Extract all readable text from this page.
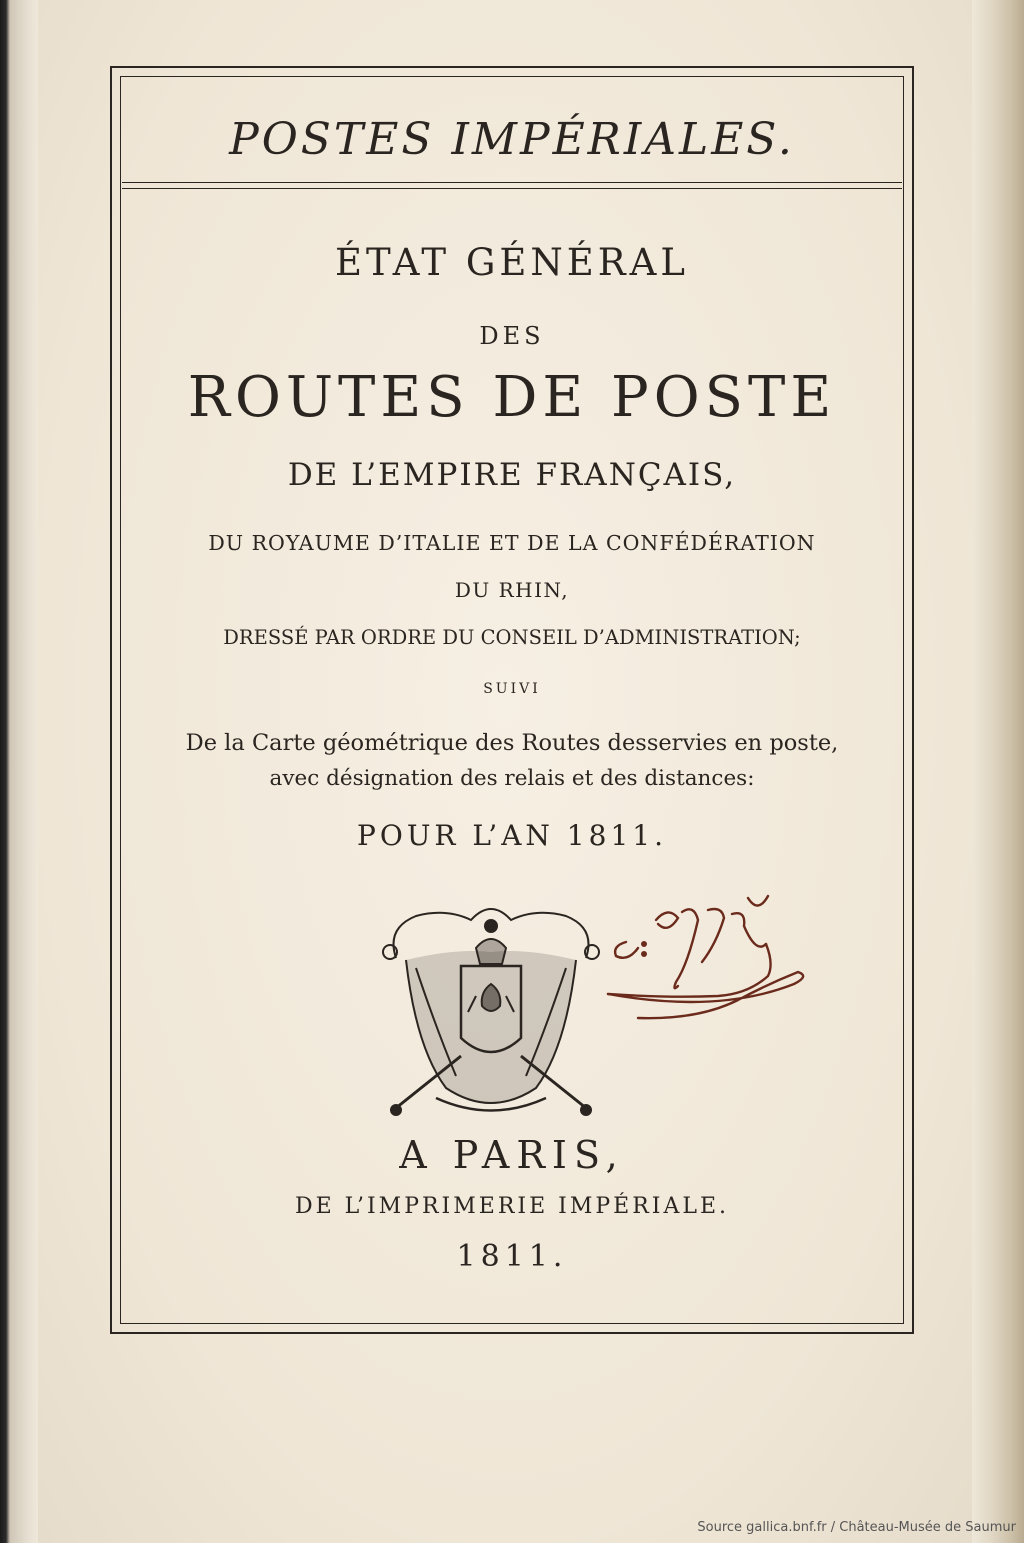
POSTES IMPÉRIALES.

ÉTAT GÉNÉRAL

DES

ROUTES DE POSTE

DE L’EMPIRE FRANÇAIS,

DU ROYAUME D’ITALIE ET DE LA CONFÉDÉRATION

DU RHIN,

DRESSÉ PAR ORDRE DU CONSEIL D’ADMINISTRATION;

SUIVI

De la Carte géométrique des Routes desservies en poste,

avec désignation des relais et des distances:

POUR L’AN 1811.

A PARIS,

DE L’IMPRIMERIE IMPÉRIALE.

1811.

Source gallica.bnf.fr / Château-Musée de Saumur
